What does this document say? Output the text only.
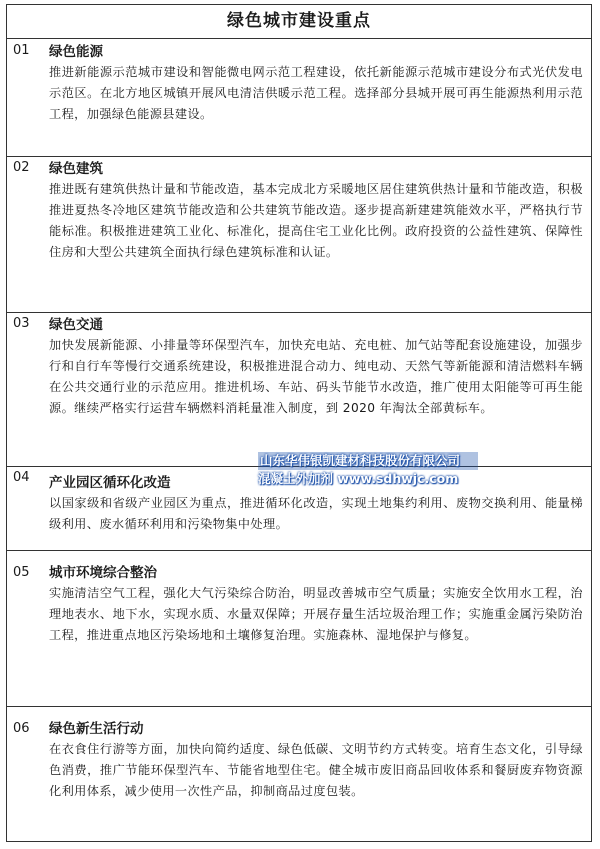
绿色城市建设重点
01 绿色能源

推进新能源示范城市建设和智能微电网示范工程建设，依托新能源示范城市建设分布式光伏发电示范区。在北方地区城镇开展风电清洁供暖示范工程。选择部分县城开展可再生能源热利用示范工程，加强绿色能源县建设。

02 绿色建筑

推进既有建筑供热计量和节能改造，基本完成北方采暖地区居住建筑供热计量和节能改造，积极推进夏热冬冷地区建筑节能改造和公共建筑节能改造。逐步提高新建建筑能效水平，严格执行节能标准。积极推进建筑工业化、标准化，提高住宅工业化比例。政府投资的公益性建筑、保障性住房和大型公共建筑全面执行绿色建筑标准和认证。

03 绿色交通

加快发展新能源、小排量等环保型汽车，加快充电站、充电桩、加气站等配套设施建设，加强步行和自行车等慢行交通系统建设，积极推进混合动力、纯电动、天然气等新能源和清洁燃料车辆在公共交通行业的示范应用。推进机场、车站、码头节能节水改造，推广使用太阳能等可再生能源。继续严格实行运营车辆燃料消耗量准入制度，到 2020 年淘汰全部黄标车。

04 产业园区循环化改造

以国家级和省级产业园区为重点，推进循环化改造，实现土地集约利用、废物交换利用、能量梯级利用、废水循环利用和污染物集中处理。

05 城市环境综合整治

实施清洁空气工程，强化大气污染综合防治，明显改善城市空气质量；实施安全饮用水工程，治理地表水、地下水，实现水质、水量双保障；开展存量生活垃圾治理工作；实施重金属污染防治工程，推进重点地区污染场地和土壤修复治理。实施森林、湿地保护与修复。

06 绿色新生活行动

在衣食住行游等方面，加快向简约适度、绿色低碳、文明节约方式转变。培育生态文化，引导绿色消费，推广节能环保型汽车、节能省地型住宅。健全城市废旧商品回收体系和餐厨废弃物资源化利用体系，减少使用一次性产品，抑制商品过度包装。

山东华伟银凯建材科技股份有限公司
混凝土外加剂 www.sdhwjc.com
